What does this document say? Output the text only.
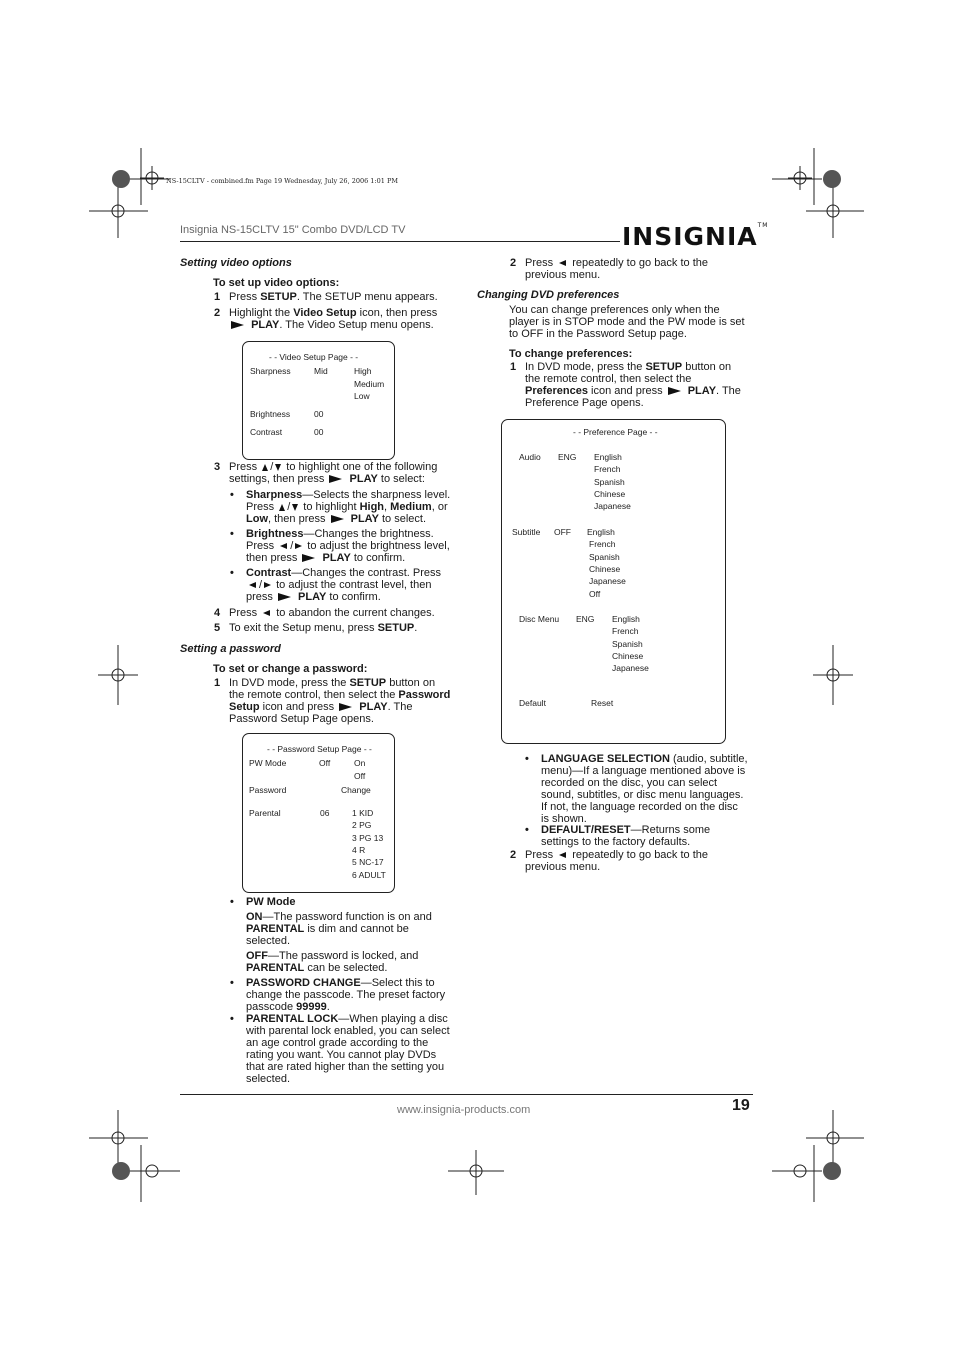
NS-15CLTV - combined.fm Page 19 Wednesday, July 26, 2006 1:01 PM
Insignia NS-15CLTV 15" Combo DVD/LCD TV	INSIGNIA™
Setting video options
To set up video options:
1 Press SETUP. The SETUP menu appears.
2 Highlight the Video Setup icon, then press
PLAY. The Video Setup menu opens.
- - Video Setup Page - -
Sharpness	Mid	High
Medium
Low
Brightness	00
Contrast	00
3 Press / to highlight one of the following
settings, then press  PLAY to select:
• Sharpness—Selects the sharpness level.
Press / to highlight High, Medium, or
Low, then press  PLAY to select.
• Brightness—Changes the brightness.
Press / to adjust the brightness level,
then press  PLAY to confirm.
• Contrast—Changes the contrast. Press
/ to adjust the contrast level, then
press  PLAY to confirm.
4 Press  to abandon the current changes.
5 To exit the Setup menu, press SETUP.
Setting a password
To set or change a password:
1 In DVD mode, press the SETUP button on
the remote control, then select the Password
Setup icon and press  PLAY. The
Password Setup Page opens.
- - Password Setup Page - -
PW Mode	Off	On
Off
Password	Change
Parental	06	1 KID
2 PG
3 PG 13
4 R
5 NC-17
6 ADULT
• PW Mode
ON—The password function is on and
PARENTAL is dim and cannot be
selected.
OFF—The password is locked, and
PARENTAL can be selected.
• PASSWORD CHANGE—Select this to
change the passcode. The preset factory
passcode 99999.
• PARENTAL LOCK—When playing a disc
with parental lock enabled, you can select
an age control grade according to the
rating you want. You cannot play DVDs
that are rated higher than the setting you
selected.
2 Press  repeatedly to go back to the
previous menu.
Changing DVD preferences
You can change preferences only when the
player is in STOP mode and the PW mode is set
to OFF in the Password Setup page.
To change preferences:
1 In DVD mode, press the SETUP button on
the remote control, then select the
Preferences icon and press  PLAY. The
Preference Page opens.
- - Preference Page - -
Audio ENG English
French
Spanish
Chinese
Japanese
Subtitle OFF English
French
Spanish
Chinese
Japanese
Off
Disc Menu ENG English
French
Spanish
Chinese
Japanese
Default	Reset
• LANGUAGE SELECTION (audio, subtitle,
menu)—If a language mentioned above is
recorded on the disc, you can select
sound, subtitles, or disc menu languages.
If not, the language recorded on the disc
is shown.
• DEFAULT/RESET—Returns some
settings to the factory defaults.
2 Press  repeatedly to go back to the
previous menu.
www.insignia-products.com	19
